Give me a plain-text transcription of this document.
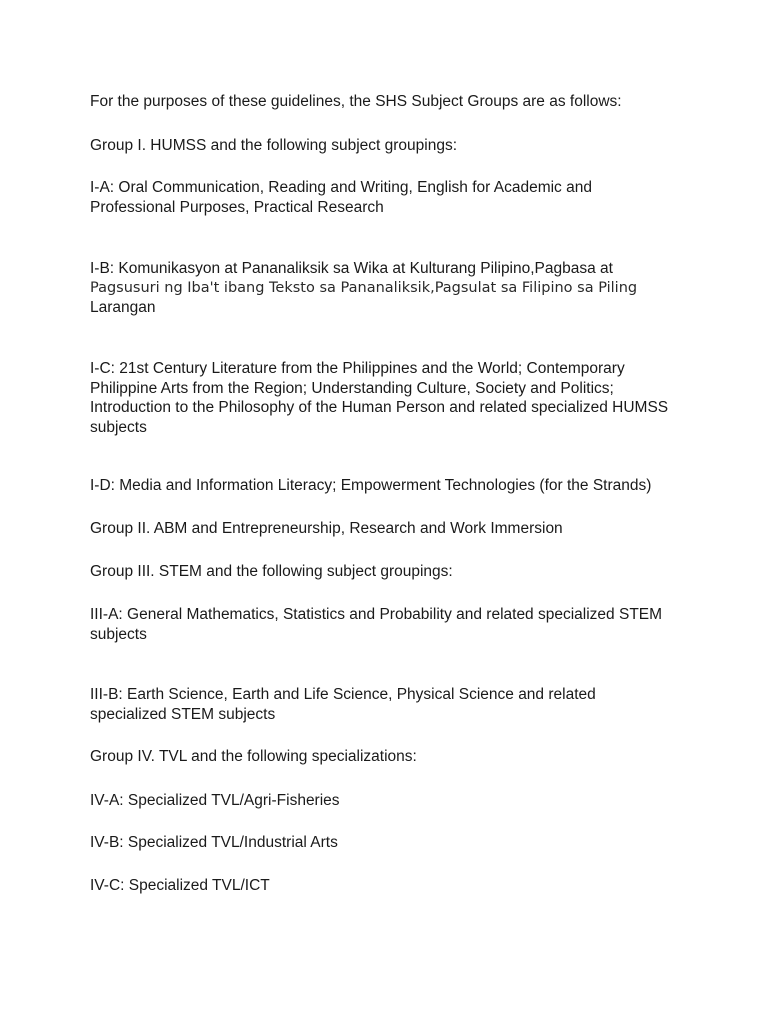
For the purposes of these guidelines, the SHS Subject Groups are as follows:

Group I. HUMSS and the following subject groupings:

I-A: Oral Communication, Reading and Writing, English for Academic and
Professional Purposes, Practical Research

I-B: Komunikasyon at Pananaliksik sa Wika at Kulturang Pilipino,Pagbasa at
Pagsusuri ng Iba't ibang Teksto sa Pananaliksik,Pagsulat sa Filipino sa Piling
Larangan

I-C: 21st Century Literature from the Philippines and the World; Contemporary
Philippine Arts from the Region; Understanding Culture, Society and Politics;
Introduction to the Philosophy of the Human Person and related specialized HUMSS
subjects

I-D: Media and Information Literacy; Empowerment Technologies (for the Strands)

Group II. ABM and Entrepreneurship, Research and Work Immersion

Group III. STEM and the following subject groupings:

III-A: General Mathematics, Statistics and Probability and related specialized STEM
subjects

III-B: Earth Science, Earth and Life Science, Physical Science and related
specialized STEM subjects

Group IV. TVL and the following specializations:

IV-A: Specialized TVL/Agri-Fisheries

IV-B: Specialized TVL/Industrial Arts

IV-C: Specialized TVL/ICT
